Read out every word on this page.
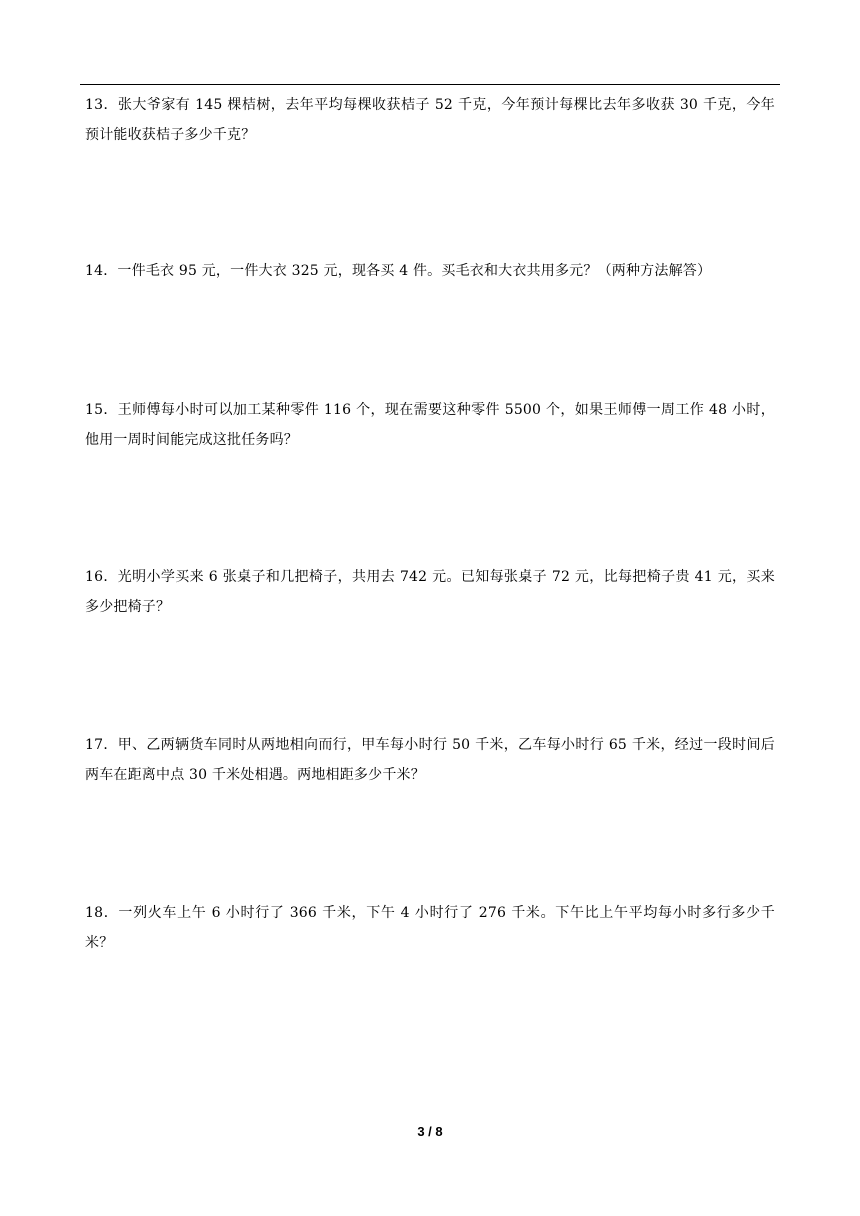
13．张大爷家有 145 棵桔树，去年平均每棵收获桔子 52 千克，今年预计每棵比去年多收获 30 千克，今年预计能收获桔子多少千克？

14．一件毛衣 95 元，一件大衣 325 元，现各买 4 件。买毛衣和大衣共用多元？（两种方法解答）

15．王师傅每小时可以加工某种零件 116 个，现在需要这种零件 5500 个，如果王师傅一周工作 48 小时，他用一周时间能完成这批任务吗？

16．光明小学买来 6 张桌子和几把椅子，共用去 742 元。已知每张桌子 72 元，比每把椅子贵 41 元，买来多少把椅子？

17．甲、乙两辆货车同时从两地相向而行，甲车每小时行 50 千米，乙车每小时行 65 千米，经过一段时间后两车在距离中点 30 千米处相遇。两地相距多少千米？

18．一列火车上午 6 小时行了 366 千米，下午 4 小时行了 276 千米。下午比上午平均每小时多行多少千米？

3 / 8
